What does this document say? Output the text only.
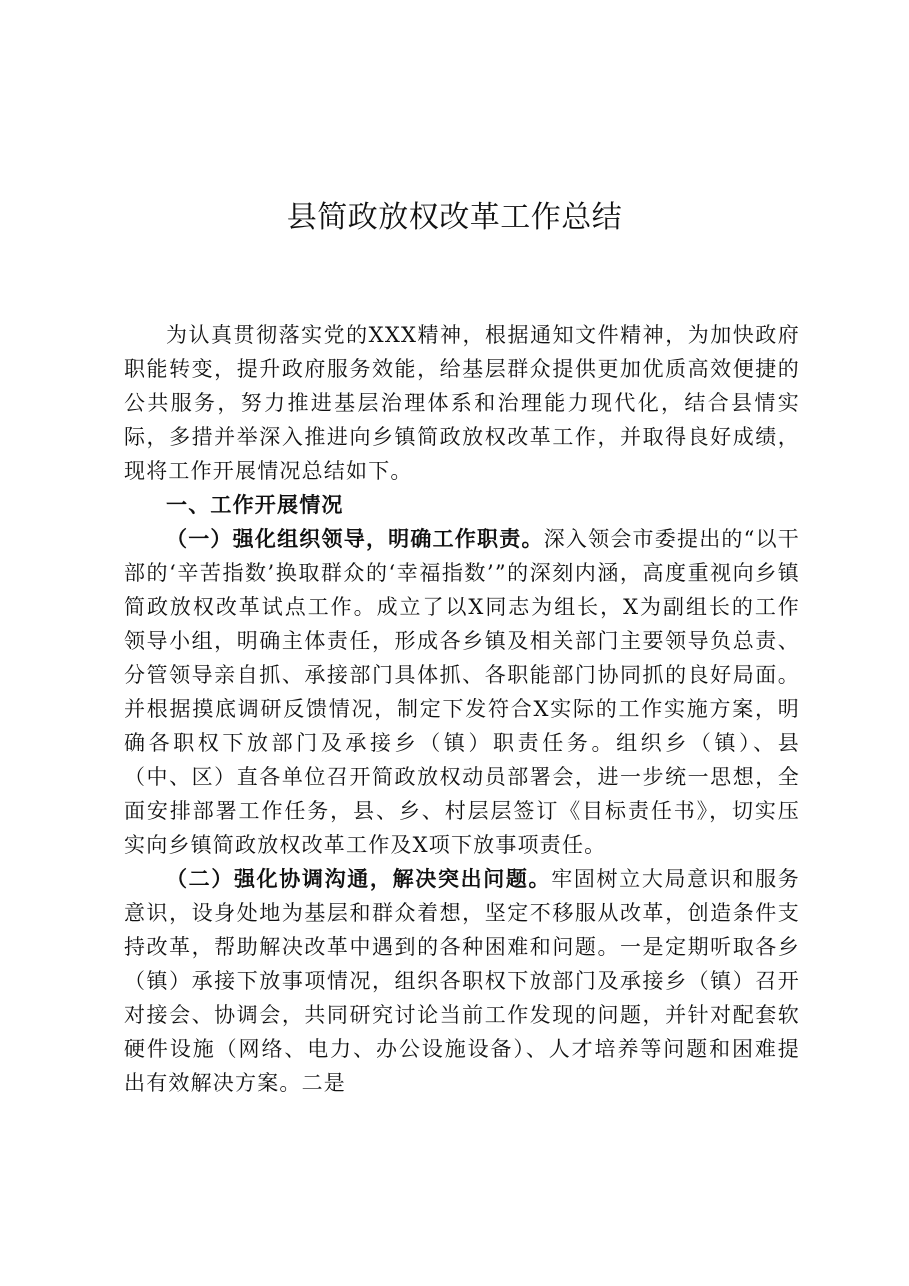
县简政放权改革工作总结

为认真贯彻落实党的XXX精神，根据通知文件精神，为加快政府职能转变，提升政府服务效能，给基层群众提供更加优质高效便捷的公共服务，努力推进基层治理体系和治理能力现代化，结合县情实际，多措并举深入推进向乡镇简政放权改革工作，并取得良好成绩，现将工作开展情况总结如下。

一、工作开展情况

（一）强化组织领导，明确工作职责。深入领会市委提出的“以干部的‘辛苦指数’换取群众的‘幸福指数’”的深刻内涵，高度重视向乡镇简政放权改革试点工作。成立了以X同志为组长，X为副组长的工作领导小组，明确主体责任，形成各乡镇及相关部门主要领导负总责、分管领导亲自抓、承接部门具体抓、各职能部门协同抓的良好局面。并根据摸底调研反馈情况，制定下发符合X实际的工作实施方案，明确各职权下放部门及承接乡（镇）职责任务。组织乡（镇）、县（中、区）直各单位召开简政放权动员部署会，进一步统一思想，全面安排部署工作任务，县、乡、村层层签订《目标责任书》，切实压实向乡镇简政放权改革工作及X项下放事项责任。

（二）强化协调沟通，解决突出问题。牢固树立大局意识和服务意识，设身处地为基层和群众着想，坚定不移服从改革，创造条件支持改革，帮助解决改革中遇到的各种困难和问题。一是定期听取各乡（镇）承接下放事项情况，组织各职权下放部门及承接乡（镇）召开对接会、协调会，共同研究讨论当前工作发现的问题，并针对配套软硬件设施（网络、电力、办公设施设备）、人才培养等问题和困难提出有效解决方案。二是
